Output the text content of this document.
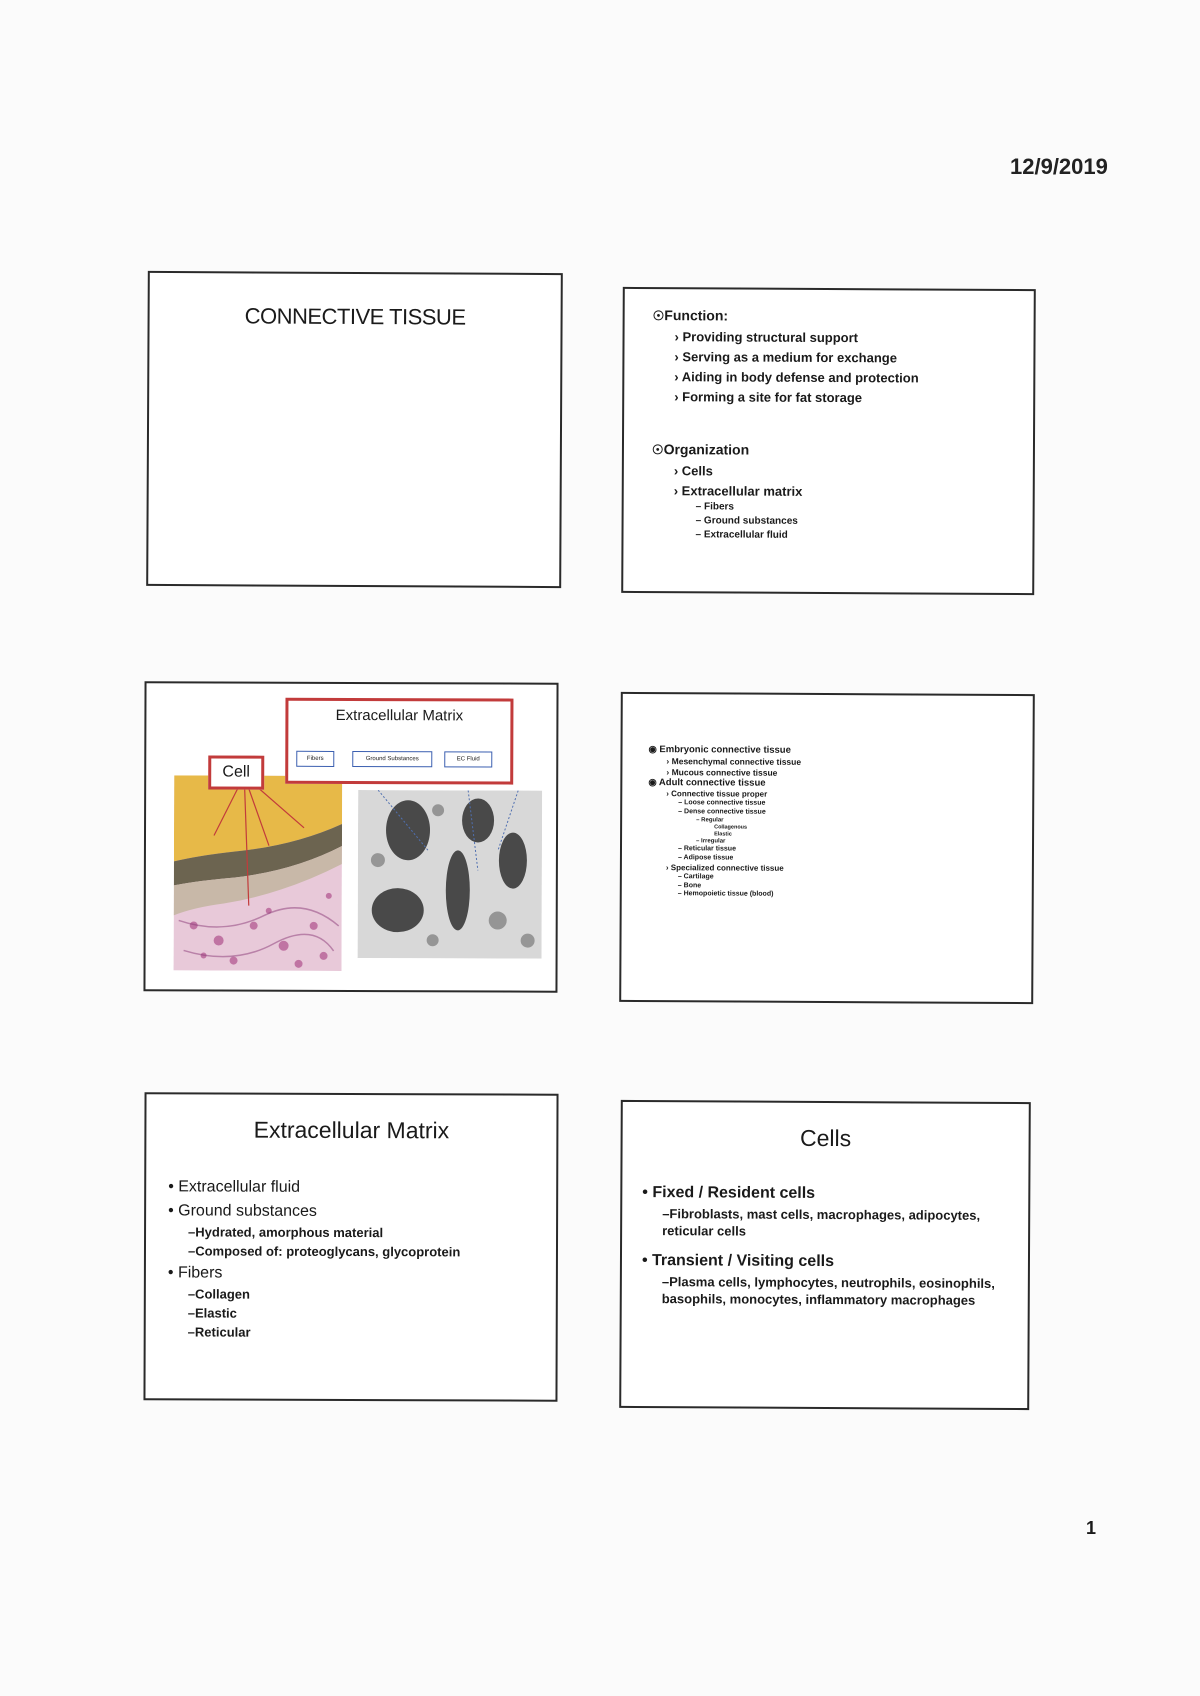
12/9/2019
CONNECTIVE TISSUE
☉	Function:
› Providing structural support
› Serving as a medium for exchange
› Aiding in body defense and protection
› Forming a site for fat storage
☉ Organization
› Cells
› Extracellular matrix
– Fibers
– Ground substances
– Extracellular fluid
Extracellular Matrix
Fibers	Ground Substances	EC Fluid
Cell
◉ Embryonic connective tissue
› Mesenchymal connective tissue
› Mucous connective tissue
◉ Adult connective tissue
› Connective tissue proper
– Loose connective tissue
– Dense connective tissue
– Regular
Collagenous
Elastic
– Irregular
– Reticular tissue
– Adipose tissue
› Specialized connective tissue
– Cartilage
– Bone
– Hemopoietic tissue (blood)
Extracellular Matrix
• Extracellular fluid
• Ground substances
– Hydrated, amorphous material
– Composed of: proteoglycans, glycoprotein
• Fibers
– Collagen
– Elastic
– Reticular
Cells
• Fixed / Resident cells
– Fibroblasts, mast cells, macrophages, adipocytes, reticular cells
• Transient / Visiting cells
– Plasma cells, lymphocytes, neutrophils, eosinophils, basophils, monocytes, inflammatory macrophages
1
